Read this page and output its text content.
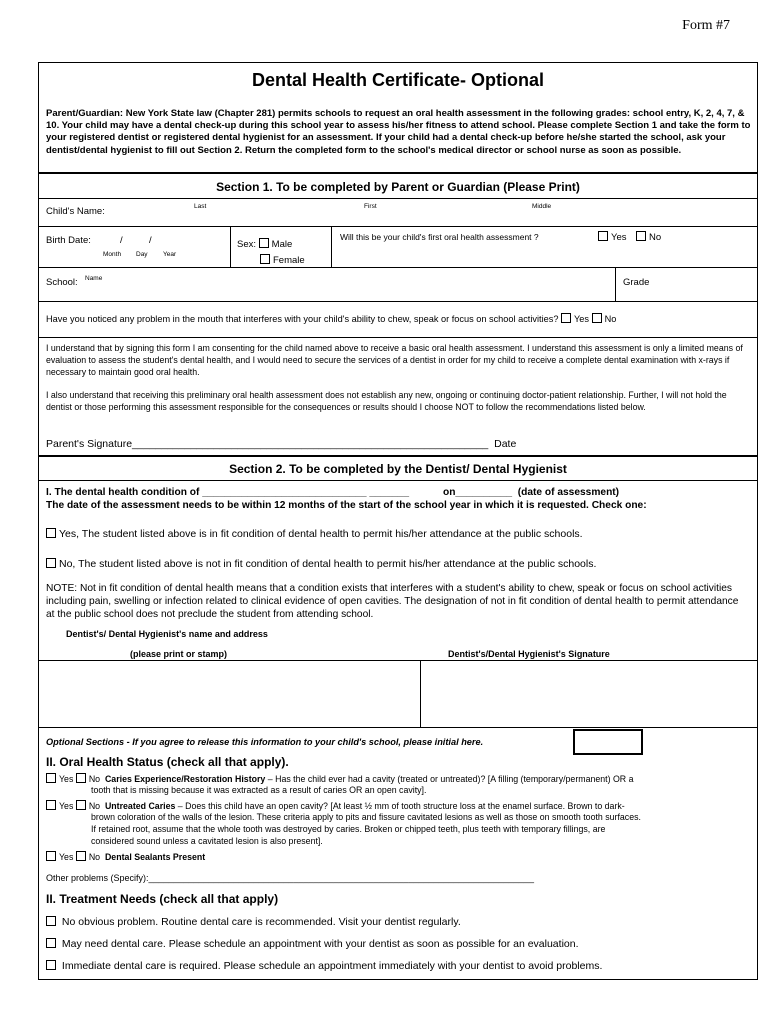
Form #7
Dental Health Certificate- Optional
Parent/Guardian: New York State law (Chapter 281) permits schools to request an oral health assessment in the following grades: school entry, K, 2, 4, 7, & 10. Your child may have a dental check-up during this school year to assess his/her fitness to attend school. Please complete Section 1 and take the form to your registered dentist or registered dental hygienist for an assessment. If your child had a dental check-up before he/she started the school, ask your dentist/dental hygienist to fill out Section 2. Return the completed form to the school's medical director or school nurse as soon as possible.
Section 1. To be completed by Parent or Guardian (Please Print)
Child's Name:	Last	First	Middle
Birth Date:	/          /
Month Day Year
Sex: Male
Female
Will this be your child's first oral health assessment ?	Yes	No
School: Name	Grade
Have you noticed any problem in the mouth that interferes with your child's ability to chew, speak or focus on school activities? Yes No
I understand that by signing this form I am consenting for the child named above to receive a basic oral health assessment. I understand this assessment is only a limited means of evaluation to assess the student's dental health, and I would need to secure the services of a dentist in order for my child to receive a complete dental examination with x-rays if necessary to maintain good oral health.
I also understand that receiving this preliminary oral health assessment does not establish any new, ongoing or continuing doctor-patient relationship. Further, I will not hold the dentist or those performing this assessment responsible for the consequences or results should I choose NOT to follow the recommendations listed below.
Parent's Signature_____________________________________________________________  Date
Section 2. To be completed by the Dentist/ Dental Hygienist
I. The dental health condition of _____________________________ _______            on__________  (date of assessment)
The date of the assessment needs to be within 12 months of the start of the school year in which it is requested. Check one:
Yes, The student listed above is in fit condition of dental health to permit his/her attendance at the public schools.
No, The student listed above is not in fit condition of dental health to permit his/her attendance at the public schools.
NOTE: Not in fit condition of dental health means that a condition exists that interferes with a student's ability to chew, speak or focus on school activities including pain, swelling or infection related to clinical evidence of open cavities. The designation of not in fit condition of dental health to permit attendance at the public school does not preclude the student from attending school.
Dentist's/ Dental Hygienist's name and address
(please print or stamp)	Dentist's/Dental Hygienist's Signature
Optional Sections - If you agree to release this information to your child's school, please initial here.
II. Oral Health Status (check all that apply).
Yes No Caries Experience/Restoration History – Has the child ever had a cavity (treated or untreated)? [A filling (temporary/permanent) OR a
tooth that is missing because it was extracted as a result of caries OR an open cavity].
Yes No Untreated Caries – Does this child have an open cavity? [At least ½ mm of tooth structure loss at the enamel surface. Brown to dark-
brown coloration of the walls of the lesion. These criteria apply to pits and fissure cavitated lesions as well as those on smooth tooth surfaces.
If retained root, assume that the whole tooth was destroyed by caries. Broken or chipped teeth, plus teeth with temporary fillings, are
considered sound unless a cavitated lesion is also present].
Yes No Dental Sealants Present
Other problems (Specify):_____________________________________________________________________________
II. Treatment Needs (check all that apply)
No obvious problem. Routine dental care is recommended. Visit your dentist regularly.
May need dental care. Please schedule an appointment with your dentist as soon as possible for an evaluation.
Immediate dental care is required. Please schedule an appointment immediately with your dentist to avoid problems.
